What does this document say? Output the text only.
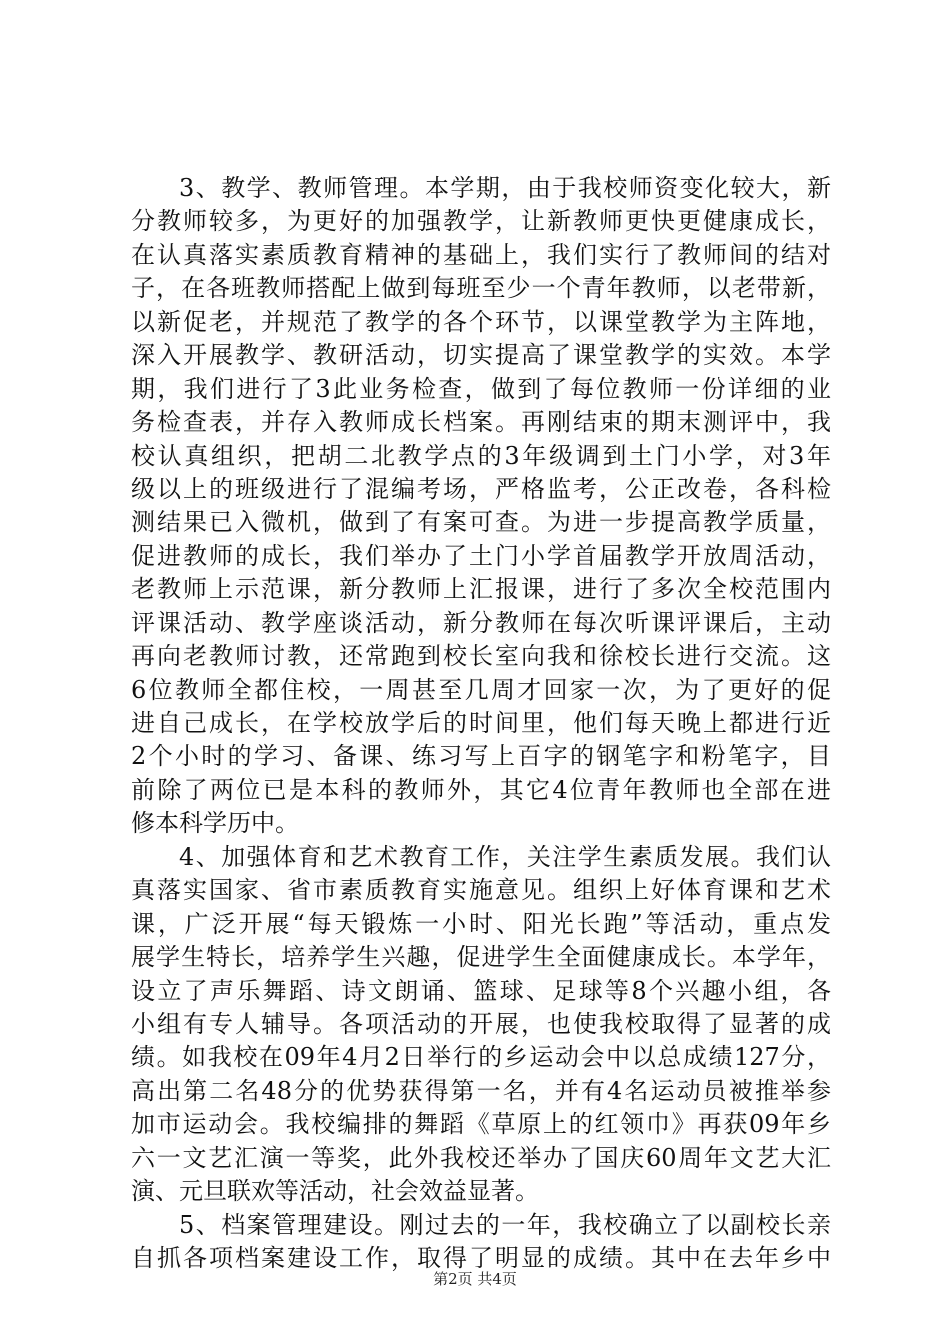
3、教学、教师管理。本学期，由于我校师资变化较大，新
分教师较多，为更好的加强教学，让新教师更快更健康成长，
在认真落实素质教育精神的基础上，我们实行了教师间的结对
子，在各班教师搭配上做到每班至少一个青年教师，以老带新，
以新促老，并规范了教学的各个环节，以课堂教学为主阵地，
深入开展教学、教研活动，切实提高了课堂教学的实效。本学
期，我们进行了3此业务检查，做到了每位教师一份详细的业
务检查表，并存入教师成长档案。再刚结束的期末测评中，我
校认真组织，把胡二北教学点的3年级调到土门小学，对3年
级以上的班级进行了混编考场，严格监考，公正改卷，各科检
测结果已入微机，做到了有案可查。为进一步提高教学质量，
促进教师的成长，我们举办了土门小学首届教学开放周活动，
老教师上示范课，新分教师上汇报课，进行了多次全校范围内
评课活动、教学座谈活动，新分教师在每次听课评课后，主动
再向老教师讨教，还常跑到校长室向我和徐校长进行交流。这
6位教师全都住校，一周甚至几周才回家一次，为了更好的促
进自己成长，在学校放学后的时间里，他们每天晚上都进行近
2个小时的学习、备课、练习写上百字的钢笔字和粉笔字，目
前除了两位已是本科的教师外，其它4位青年教师也全部在进
修本科学历中。
4、加强体育和艺术教育工作，关注学生素质发展。我们认
真落实国家、省市素质教育实施意见。组织上好体育课和艺术
课，广泛开展“每天锻炼一小时、阳光长跑”等活动，重点发
展学生特长，培养学生兴趣，促进学生全面健康成长。本学年，
设立了声乐舞蹈、诗文朗诵、篮球、足球等8个兴趣小组，各
小组有专人辅导。各项活动的开展，也使我校取得了显著的成
绩。如我校在09年4月2日举行的乡运动会中以总成绩127分，
高出第二名48分的优势获得第一名，并有4名运动员被推举参
加市运动会。我校编排的舞蹈《草原上的红领巾》再获09年乡
六一文艺汇演一等奖，此外我校还举办了国庆60周年文艺大汇
演、元旦联欢等活动，社会效益显著。
5、档案管理建设。刚过去的一年，我校确立了以副校长亲
自抓各项档案建设工作，取得了明显的成绩。其中在去年乡中
第2页 共4页
